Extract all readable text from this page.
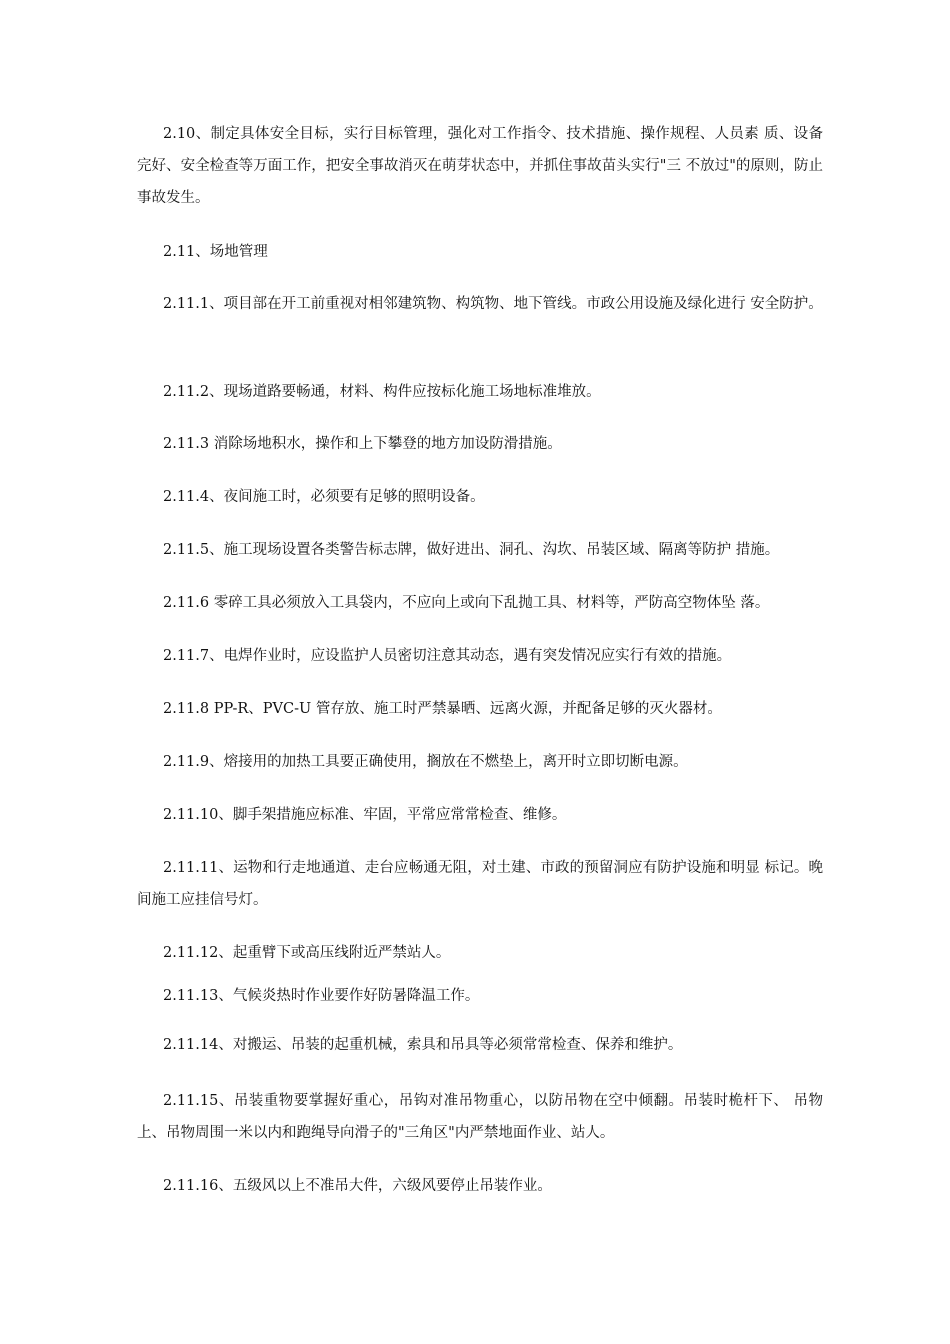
2.10、制定具体安全目标，实行目标管理，强化对工作指令、技术措施、操作规程、人员素 质、设备完好、安全检查等万面工作，把安全事故消灭在萌芽状态中，并抓住事故苗头实行"三 不放过"的原则，防止事故发生。

2.11、场地管理

2.11.1、项目部在开工前重视对相邻建筑物、构筑物、地下管线。市政公用设施及绿化进行 安全防护。

2.11.2、现场道路要畅通，材料、构件应按标化施工场地标准堆放。

2.11.3 消除场地积水，操作和上下攀登的地方加设防滑措施。

2.11.4、夜间施工时，必须要有足够的照明设备。

2.11.5、施工现场设置各类警告标志牌，做好进出、洞孔、沟坎、吊装区域、隔离等防护 措施。

2.11.6 零碎工具必须放入工具袋内，不应向上或向下乱抛工具、材料等，严防高空物体坠 落。

2.11.7、电焊作业时，应设监护人员密切注意其动态，遇有突发情况应实行有效的措施。

2.11.8 PP-R、PVC-U 管存放、施工时严禁暴晒、远离火源，并配备足够的灭火器材。

2.11.9、熔接用的加热工具要正确使用，搁放在不燃垫上，离开时立即切断电源。

2.11.10、脚手架措施应标准、牢固，平常应常常检查、维修。

2.11.11、运物和行走地通道、走台应畅通无阻，对土建、市政的预留洞应有防护设施和明显 标记。晚间施工应挂信号灯。

2.11.12、起重臂下或高压线附近严禁站人。

2.11.13、气候炎热时作业要作好防暑降温工作。

2.11.14、对搬运、吊装的起重机械，索具和吊具等必须常常检查、保养和维护。

2.11.15、吊装重物要掌握好重心，吊钩对准吊物重心，以防吊物在空中倾翻。吊装时桅杆下、 吊物上、吊物周围一米以内和跑绳导向滑子的"三角区"内严禁地面作业、站人。

2.11.16、五级风以上不准吊大件，六级风要停止吊装作业。
